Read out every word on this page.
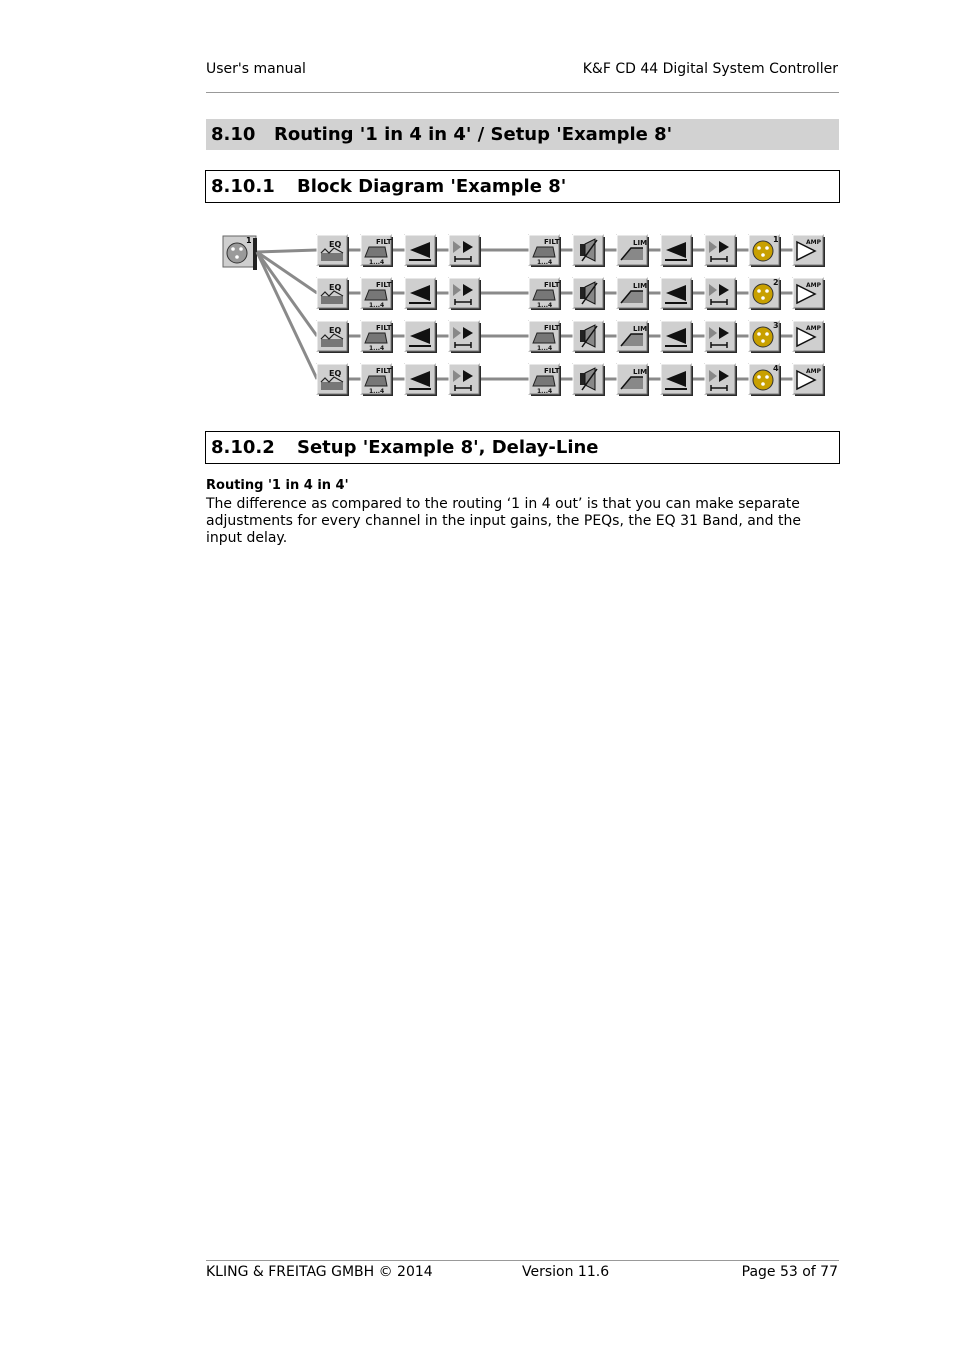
User's manual	K&F CD 44 Digital System Controller
8.10 Routing '1 in 4 in 4' / Setup 'Example 8'
8.10.1 Block Diagram 'Example 8'
1	EQ	FILT
1...4
FILT
1...4
LIM	1	AMP
EQ	FILT
1...4
FILT
1...4
LIM	2	AMP
EQ	FILT
1...4
FILT
1...4
LIM	3	AMP
EQ	FILT
1...4
FILT
1...4
LIM	4	AMP
8.10.2 Setup 'Example 8', Delay-Line
Routing '1 in 4 in 4'
The difference as compared to the routing ‘1 in 4 out’ is that you can make separate adjustments for every channel in the input gains, the PEQs, the EQ 31 Band, and the input delay.
KLING & FREITAG GMBH © 2014	Version 11.6	Page 53 of 77
